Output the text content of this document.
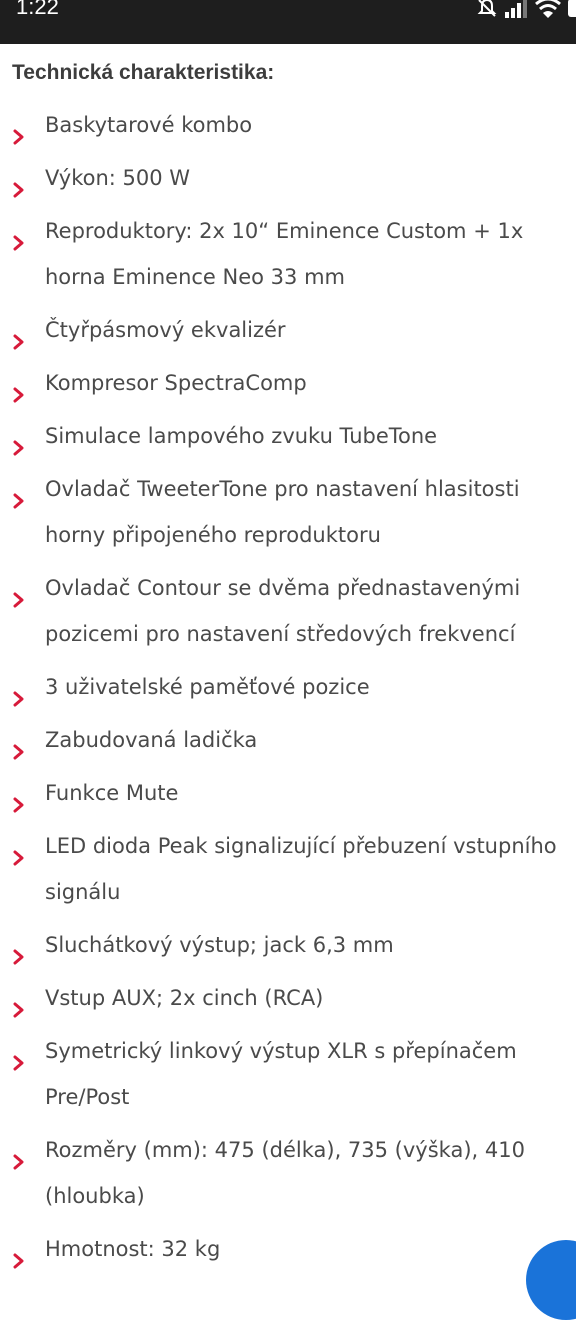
1:22
Technická charakteristika:
Baskytarové kombo
Výkon: 500 W
Reproduktory: 2x 10“ Eminence Custom + 1x horna Eminence Neo 33 mm
Čtyřpásmový ekvalizér
Kompresor SpectraComp
Simulace lampového zvuku TubeTone
Ovladač TweeterTone pro nastavení hlasitosti horny připojeného reproduktoru
Ovladač Contour se dvěma přednastavenými pozicemi pro nastavení středových frekvencí
3 uživatelské paměťové pozice
Zabudovaná ladička
Funkce Mute
LED dioda Peak signalizující přebuzení vstupního signálu
Sluchátkový výstup; jack 6,3 mm
Vstup AUX; 2x cinch (RCA)
Symetrický linkový výstup XLR s přepínačem Pre/Post
Rozměry (mm): 475 (délka), 735 (výška), 410 (hloubka)
Hmotnost: 32 kg
